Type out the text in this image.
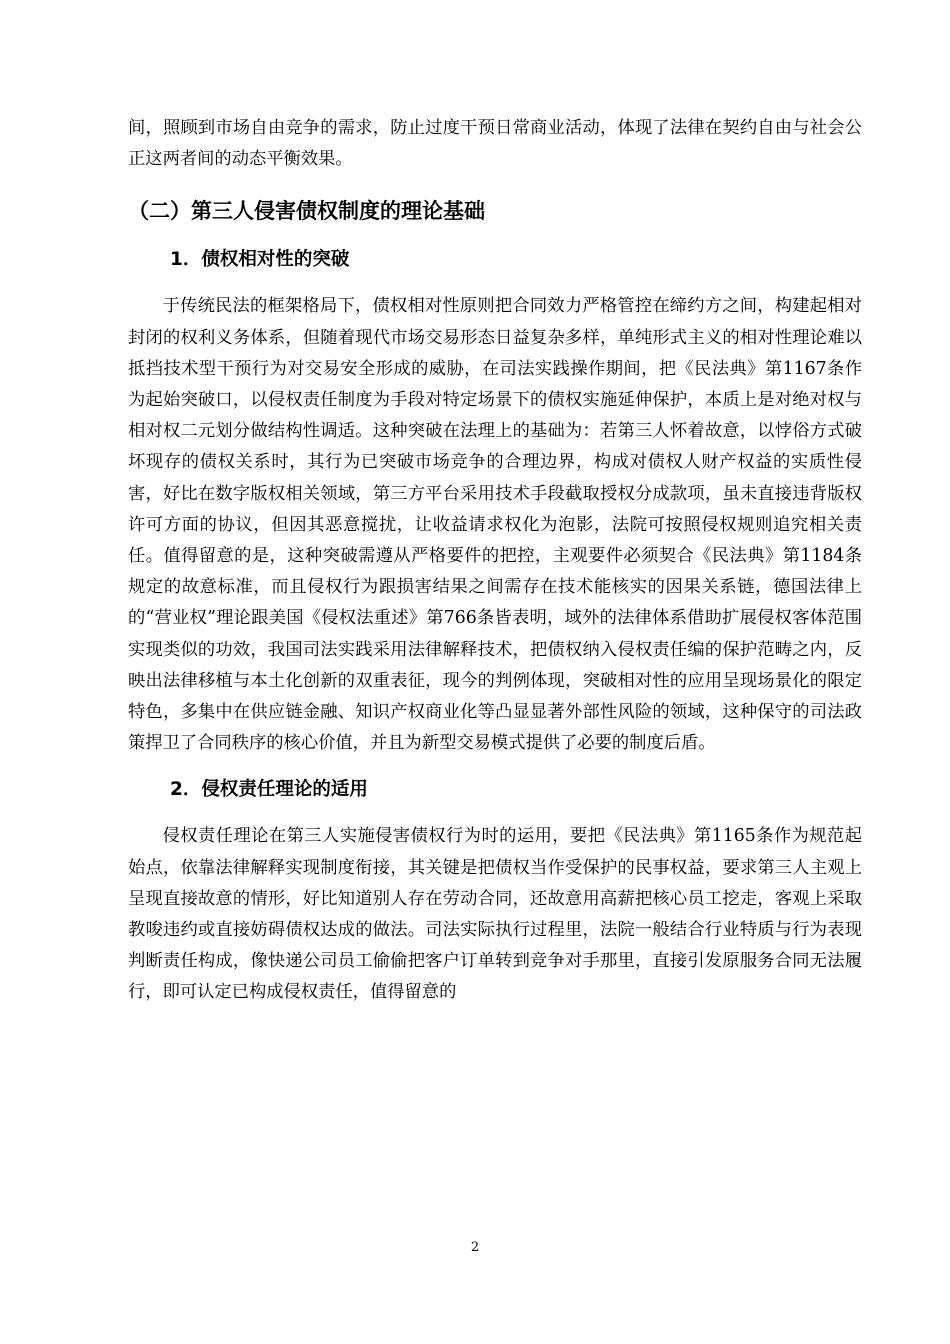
间，照顾到市场自由竞争的需求，防止过度干预日常商业活动，体现了法律在契约自由与社会公正这两者间的动态平衡效果。

（二）第三人侵害债权制度的理论基础
1．债权相对性的突破

于传统民法的框架格局下，债权相对性原则把合同效力严格管控在缔约方之间，构建起相对封闭的权利义务体系，但随着现代市场交易形态日益复杂多样，单纯形式主义的相对性理论难以抵挡技术型干预行为对交易安全形成的威胁，在司法实践操作期间，把《民法典》第1167条作为起始突破口，以侵权责任制度为手段对特定场景下的债权实施延伸保护，本质上是对绝对权与相对权二元划分做结构性调适。这种突破在法理上的基础为：若第三人怀着故意，以悖俗方式破坏现存的债权关系时，其行为已突破市场竞争的合理边界，构成对债权人财产权益的实质性侵害，好比在数字版权相关领域，第三方平台采用技术手段截取授权分成款项，虽未直接违背版权许可方面的协议，但因其恶意搅扰，让收益请求权化为泡影，法院可按照侵权规则追究相关责任。值得留意的是，这种突破需遵从严格要件的把控，主观要件必须契合《民法典》第1184条规定的故意标准，而且侵权行为跟损害结果之间需存在技术能核实的因果关系链，德国法律上的“营业权”理论跟美国《侵权法重述》第766条皆表明，域外的法律体系借助扩展侵权客体范围实现类似的功效，我国司法实践采用法律解释技术，把债权纳入侵权责任编的保护范畴之内，反映出法律移植与本土化创新的双重表征，现今的判例体现，突破相对性的应用呈现场景化的限定特色，多集中在供应链金融、知识产权商业化等凸显显著外部性风险的领域，这种保守的司法政策捍卫了合同秩序的核心价值，并且为新型交易模式提供了必要的制度后盾。

2．侵权责任理论的适用

侵权责任理论在第三人实施侵害债权行为时的运用，要把《民法典》第1165条作为规范起始点，依靠法律解释实现制度衔接，其关键是把债权当作受保护的民事权益，要求第三人主观上呈现直接故意的情形，好比知道别人存在劳动合同，还故意用高薪把核心员工挖走，客观上采取教唆违约或直接妨碍债权达成的做法。司法实际执行过程里，法院一般结合行业特质与行为表现判断责任构成，像快递公司员工偷偷把客户订单转到竞争对手那里，直接引发原服务合同无法履行，即可认定已构成侵权责任，值得留意的

2
